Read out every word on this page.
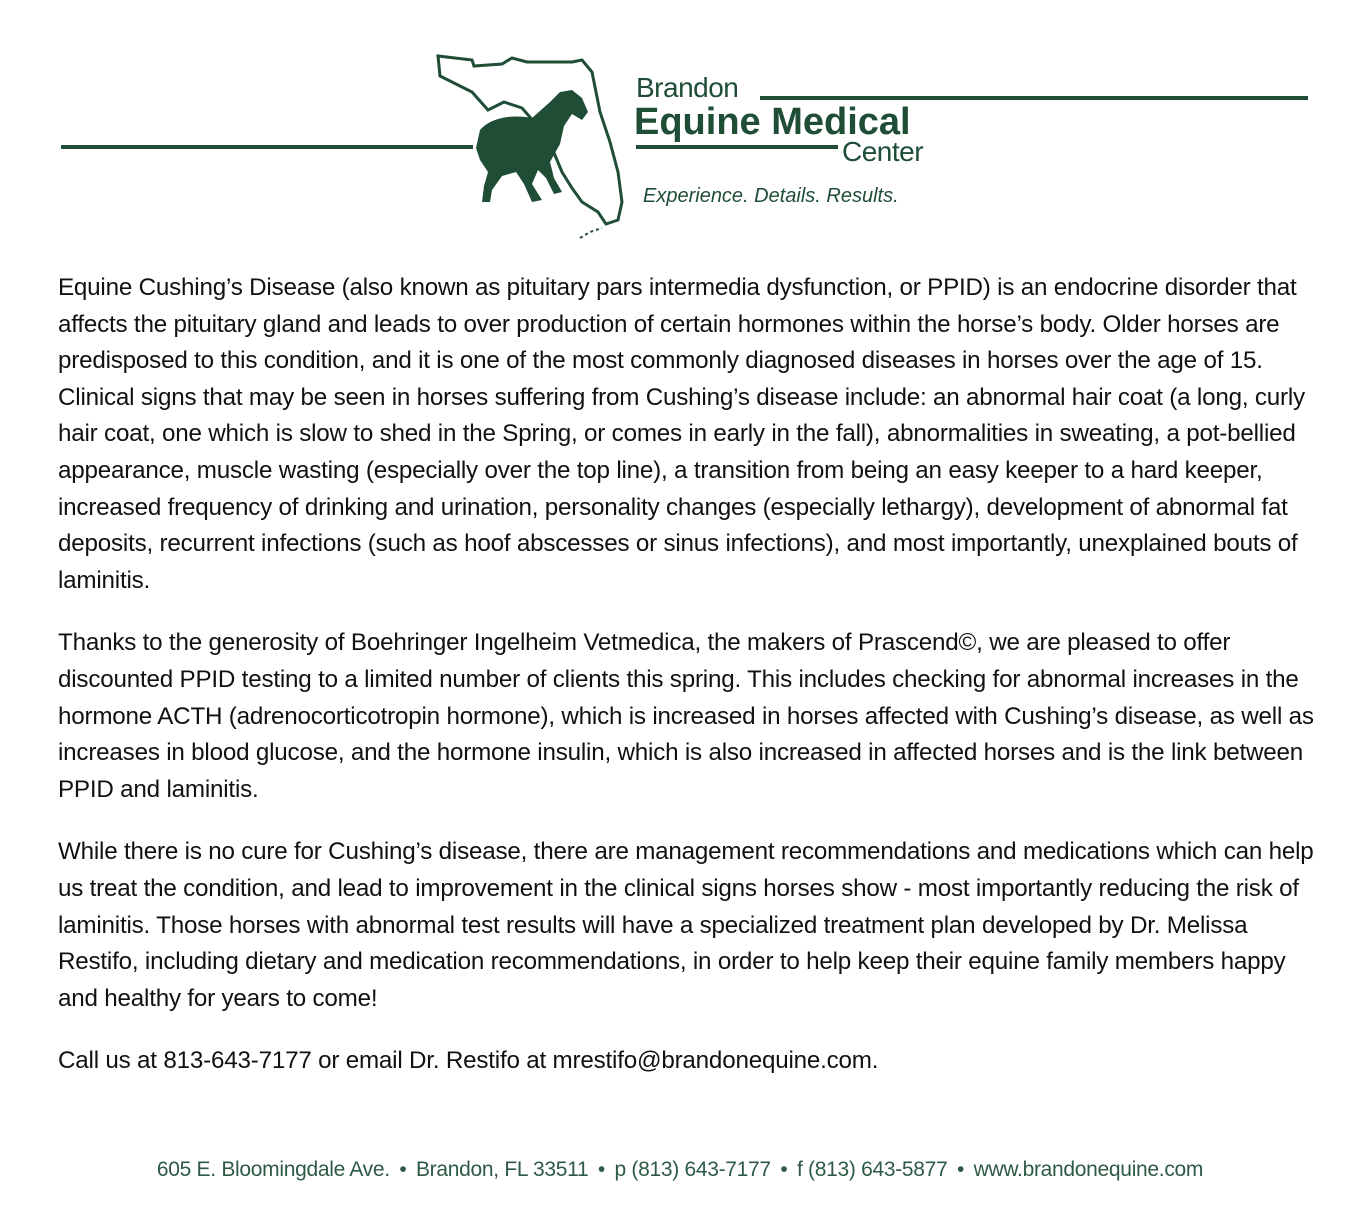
Brandon
Equine Medical
Center
Experience. Details. Results.

Equine Cushing’s Disease (also known as pituitary pars intermedia dysfunction, or PPID) is an endocrine disorder that affects the pituitary gland and leads to over production of certain hormones within the horse’s body. Older horses are predisposed to this condition, and it is one of the most commonly diagnosed diseases in horses over the age of 15. Clinical signs that may be seen in horses suffering from Cushing’s disease include: an abnormal hair coat (a long, curly hair coat, one which is slow to shed in the Spring, or comes in early in the fall), abnormalities in sweating, a pot-bellied appearance, muscle wasting (especially over the top line), a transition from being an easy keeper to a hard keeper, increased frequency of drinking and urination, personality changes (especially lethargy), development of abnormal fat deposits, recurrent infections (such as hoof abscesses or sinus infections), and most importantly, unexplained bouts of laminitis.

Thanks to the generosity of Boehringer Ingelheim Vetmedica, the makers of Prascend©, we are pleased to offer discounted PPID testing to a limited number of clients this spring. This includes checking for abnormal increases in the hormone ACTH (adrenocorticotropin hormone), which is increased in horses affected with Cushing’s disease, as well as increases in blood glucose, and the hormone insulin, which is also increased in affected horses and is the link between PPID and laminitis.

While there is no cure for Cushing’s disease, there are management recommendations and medications which can help us treat the condition, and lead to improvement in the clinical signs horses show - most importantly reducing the risk of laminitis. Those horses with abnormal test results will have a specialized treatment plan developed by Dr. Melissa Restifo, including dietary and medication recommendations, in order to help keep their equine family members happy and healthy for years to come!

Call us at 813-643-7177 or email Dr. Restifo at mrestifo@brandonequine.com.

605 E. Bloomingdale Ave. • Brandon, FL 33511 • p (813) 643-7177 • f (813) 643-5877 • www.brandonequine.com
